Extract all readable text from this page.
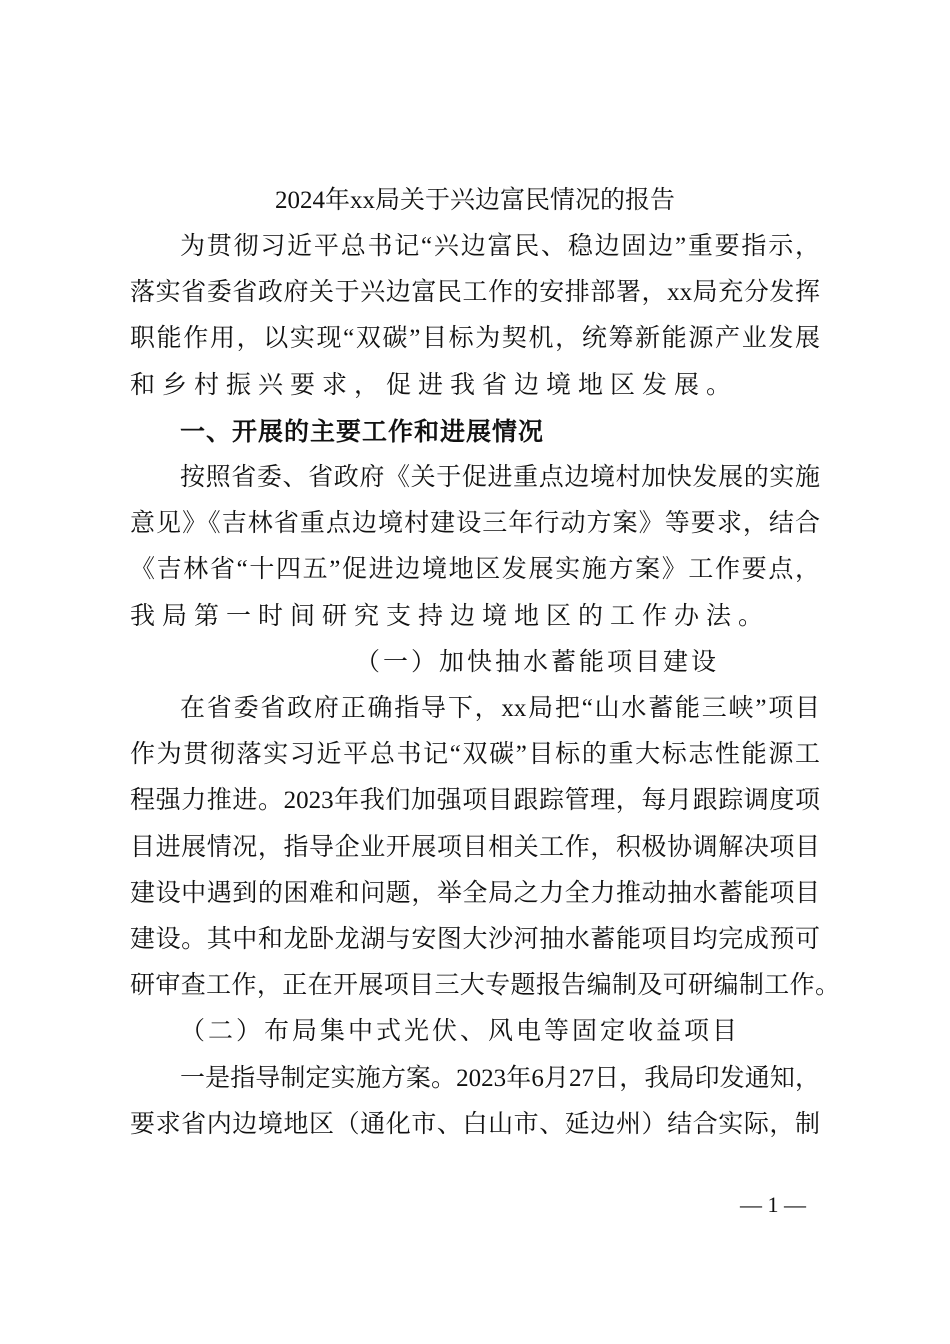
2024年xx局关于兴边富民情况的报告
为贯彻习近平总书记“兴边富民、稳边固边”重要指示，
落实省委省政府关于兴边富民工作的安排部署，xx局充分发挥
职能作用，以实现“双碳”目标为契机，统筹新能源产业发展
和乡村振兴要求，促进我省边境地区发展。
一、开展的主要工作和进展情况
按照省委、省政府《关于促进重点边境村加快发展的实施
意见》《吉林省重点边境村建设三年行动方案》等要求，结合
《吉林省“十四五”促进边境地区发展实施方案》工作要点，
我局第一时间研究支持边境地区的工作办法。
（一）加快抽水蓄能项目建设
在省委省政府正确指导下，xx局把“山水蓄能三峡”项目
作为贯彻落实习近平总书记“双碳”目标的重大标志性能源工
程强力推进。2023年我们加强项目跟踪管理，每月跟踪调度项
目进展情况，指导企业开展项目相关工作，积极协调解决项目
建设中遇到的困难和问题，举全局之力全力推动抽水蓄能项目
建设。其中和龙卧龙湖与安图大沙河抽水蓄能项目均完成预可
研审查工作，正在开展项目三大专题报告编制及可研编制工作。
（二）布局集中式光伏、风电等固定收益项目
一是指导制定实施方案。2023年6月27日，我局印发通知，
要求省内边境地区（通化市、白山市、延边州）结合实际，制
— 1 —
